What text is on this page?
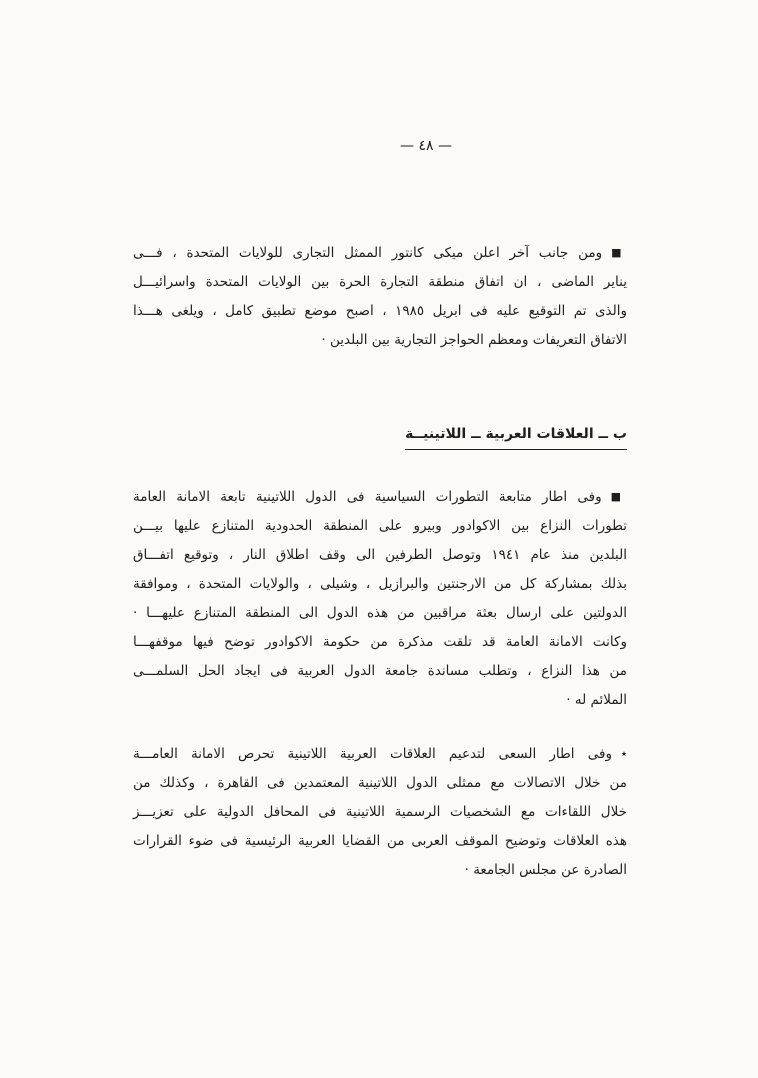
— ٤٨ —
■ومن جانب آخر اعلن ميكى كانتور الممثل التجارى للولايات المتحدة ، فـــى
يناير الماضى ، ان اتفاق منطقة التجارة الحرة بين الولايات المتحدة واسرائيـــل
والذى تم التوقيع عليه فى ابريل ١٩٨٥ ، اصبح موضع تطبيق كامل ، ويلغى هـــذا
الاتفاق التعريفات ومعظم الحواجز التجارية بين البلدين ·
ب ــ العلاقات العربية ــ اللاتينيــة
■وفى اطار متابعة التطورات السياسية فى الدول اللاتينية تابعة الامانة العامة
تطورات النزاع بين الاكوادور وبيرو على المنطقة الحدودية المتنازع عليها بيـــن
البلدين منذ عام ١٩٤١ وتوصل الطرفين الى وقف اطلاق النار ، وتوقيع اتفـــاق
بذلك بمشاركة كل من الارجنتين والبرازيل ، وشيلى ، والولايات المتحدة ، وموافقة
الدولتين على ارسال بعثة مراقبين من هذه الدول الى المنطقة المتنازع عليهـــا ·
وكانت الامانة العامة قد تلقت مذكرة من حكومة الاكوادور توضح فيها موقفهـــا
من هذا النزاع ، وتطلب مساندة جامعة الدول العربية فى ايجاد الحل السلمـــى
الملائم له ·
٭وفى اطار السعى لتدعيم العلاقات العربية اللاتينية تحرص الامانة العامـــة
من خلال الاتصالات مع ممثلى الدول اللاتينية المعتمدين فى القاهرة ، وكذلك من
خلال اللقاءات مع الشخصيات الرسمية اللاتينية فى المحافل الدولية على تعزيـــز
هذه العلاقات وتوضيح الموقف العربى من القضايا العربية الرئيسية فى ضوء القرارات
الصادرة عن مجلس الجامعة ·
